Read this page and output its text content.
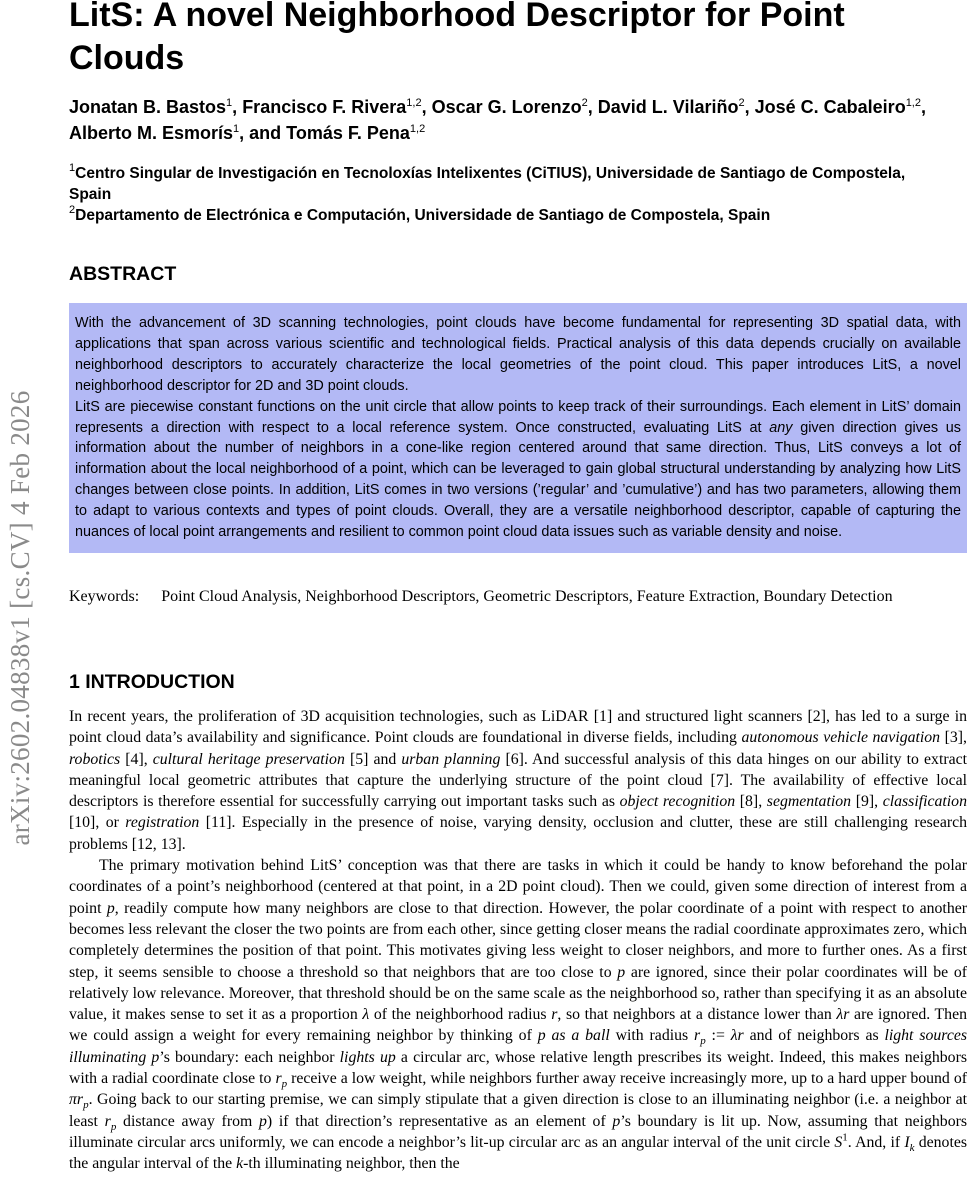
arXiv:2602.04838v1 [cs.CV] 4 Feb 2026
LitS: A novel Neighborhood Descriptor for Point Clouds
Jonatan B. Bastos$^1$, Francisco F. Rivera$^{1,2}$, Oscar G. Lorenzo$^2$, David L. Vilariño$^2$, José C. Cabaleiro$^{1,2}$, Alberto M. Esmorís$^1$, and Tomás F. Pena$^{1,2}$
$^1$Centro Singular de Investigación en Tecnoloxías Intelixentes (CiTIUS), Universidade de Santiago de Compostela, Spain
$^2$Departamento de Electrónica e Computación, Universidade de Santiago de Compostela, Spain
ABSTRACT

With the advancement of 3D scanning technologies, point clouds have become fundamental for representing 3D spatial data, with applications that span across various scientific and technological fields. Practical analysis of this data depends crucially on available neighborhood descriptors to accurately characterize the local geometries of the point cloud. This paper introduces LitS, a novel neighborhood descriptor for 2D and 3D point clouds.

LitS are piecewise constant functions on the unit circle that allow points to keep track of their surroundings. Each element in LitS’ domain represents a direction with respect to a local reference system. Once constructed, evaluating LitS at any given direction gives us information about the number of neighbors in a cone-like region centered around that same direction. Thus, LitS conveys a lot of information about the local neighborhood of a point, which can be leveraged to gain global structural understanding by analyzing how LitS changes between close points. In addition, LitS comes in two versions (’regular’ and ’cumulative’) and has two parameters, allowing them to adapt to various contexts and types of point clouds. Overall, they are a versatile neighborhood descriptor, capable of capturing the nuances of local point arrangements and resilient to common point cloud data issues such as variable density and noise.

Keywords: Point Cloud Analysis, Neighborhood Descriptors, Geometric Descriptors, Feature Extraction, Boundary Detection
1 INTRODUCTION

In recent years, the proliferation of 3D acquisition technologies, such as LiDAR [1] and structured light scanners [2], has led to a surge in point cloud data’s availability and significance. Point clouds are foundational in diverse fields, including autonomous vehicle navigation [3], robotics [4], cultural heritage preservation [5] and urban planning [6]. And successful analysis of this data hinges on our ability to extract meaningful local geometric attributes that capture the underlying structure of the point cloud [7]. The availability of effective local descriptors is therefore essential for successfully carrying out important tasks such as object recognition [8], segmentation [9], classification [10], or registration [11]. Especially in the presence of noise, varying density, occlusion and clutter, these are still challenging research problems [12, 13].

The primary motivation behind LitS’ conception was that there are tasks in which it could be handy to know beforehand the polar coordinates of a point’s neighborhood (centered at that point, in a 2D point cloud). Then we could, given some direction of interest from a point p, readily compute how many neighbors are close to that direction. However, the polar coordinate of a point with respect to another becomes less relevant the closer the two points are from each other, since getting closer means the radial coordinate approximates zero, which completely determines the position of that point. This motivates giving less weight to closer neighbors, and more to further ones. As a first step, it seems sensible to choose a threshold so that neighbors that are too close to p are ignored, since their polar coordinates will be of relatively low relevance. Moreover, that threshold should be on the same scale as the neighborhood so, rather than specifying it as an absolute value, it makes sense to set it as a proportion λ of the neighborhood radius r, so that neighbors at a distance lower than λr are ignored. Then we could assign a weight for every remaining neighbor by thinking of p as a ball with radius $r_p$ := λr and of neighbors as light sources illuminating p’s boundary: each neighbor lights up a circular arc, whose relative length prescribes its weight. Indeed, this makes neighbors with a radial coordinate close to $r_p$ receive a low weight, while neighbors further away receive increasingly more, up to a hard upper bound of $\pi r_p$. Going back to our starting premise, we can simply stipulate that a given direction is close to an illuminating neighbor (i.e. a neighbor at least $r_p$ distance away from p) if that direction’s representative as an element of p’s boundary is lit up. Now, assuming that neighbors illuminate circular arcs uniformly, we can encode a neighbor’s lit-up circular arc as an angular interval of the unit circle $S^1$. And, if $I_k$ denotes the angular interval of the k-th illuminating neighbor, then the
